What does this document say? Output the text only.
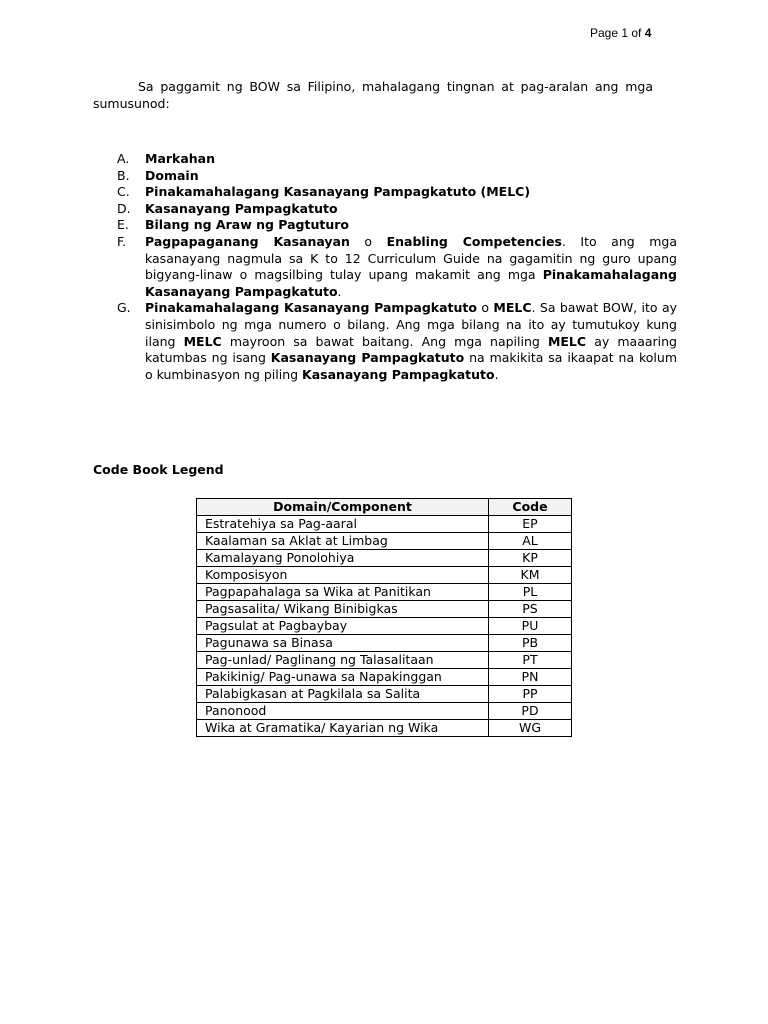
Page 1 of 4

Sa paggamit ng BOW sa Filipino, mahalagang tingnan at pag-aralan ang mga sumusunod:

A. Markahan
B. Domain
C. Pinakamahalagang Kasanayang Pampagkatuto (MELC)
D. Kasanayang Pampagkatuto
E. Bilang ng Araw ng Pagtuturo
F. Pagpapaganang Kasanayan o Enabling Competencies. Ito ang mga kasanayang nagmula sa K to 12 Curriculum Guide na gagamitin ng guro upang bigyang-linaw o magsilbing tulay upang makamit ang mga Pinakamahalagang Kasanayang Pampagkatuto.
G. Pinakamahalagang Kasanayang Pampagkatuto o MELC. Sa bawat BOW, ito ay sinisimbolo ng mga numero o bilang. Ang mga bilang na ito ay tumutukoy kung ilang MELC mayroon sa bawat baitang. Ang mga napiling MELC ay maaaring katumbas ng isang Kasanayang Pampagkatuto na makikita sa ikaapat na kolum o kumbinasyon ng piling Kasanayang Pampagkatuto.
Code Book Legend
Domain/Component	Code
Estratehiya sa Pag-aaral	EP
Kaalaman sa Aklat at Limbag	AL
Kamalayang Ponolohiya	KP
Komposisyon	KM
Pagpapahalaga sa Wika at Panitikan	PL
Pagsasalita/ Wikang Binibigkas	PS
Pagsulat at Pagbaybay	PU
Pagunawa sa Binasa	PB
Pag-unlad/ Paglinang ng Talasalitaan	PT
Pakikinig/ Pag-unawa sa Napakinggan	PN
Palabigkasan at Pagkilala sa Salita	PP
Panonood	PD
Wika at Gramatika/ Kayarian ng Wika	WG
